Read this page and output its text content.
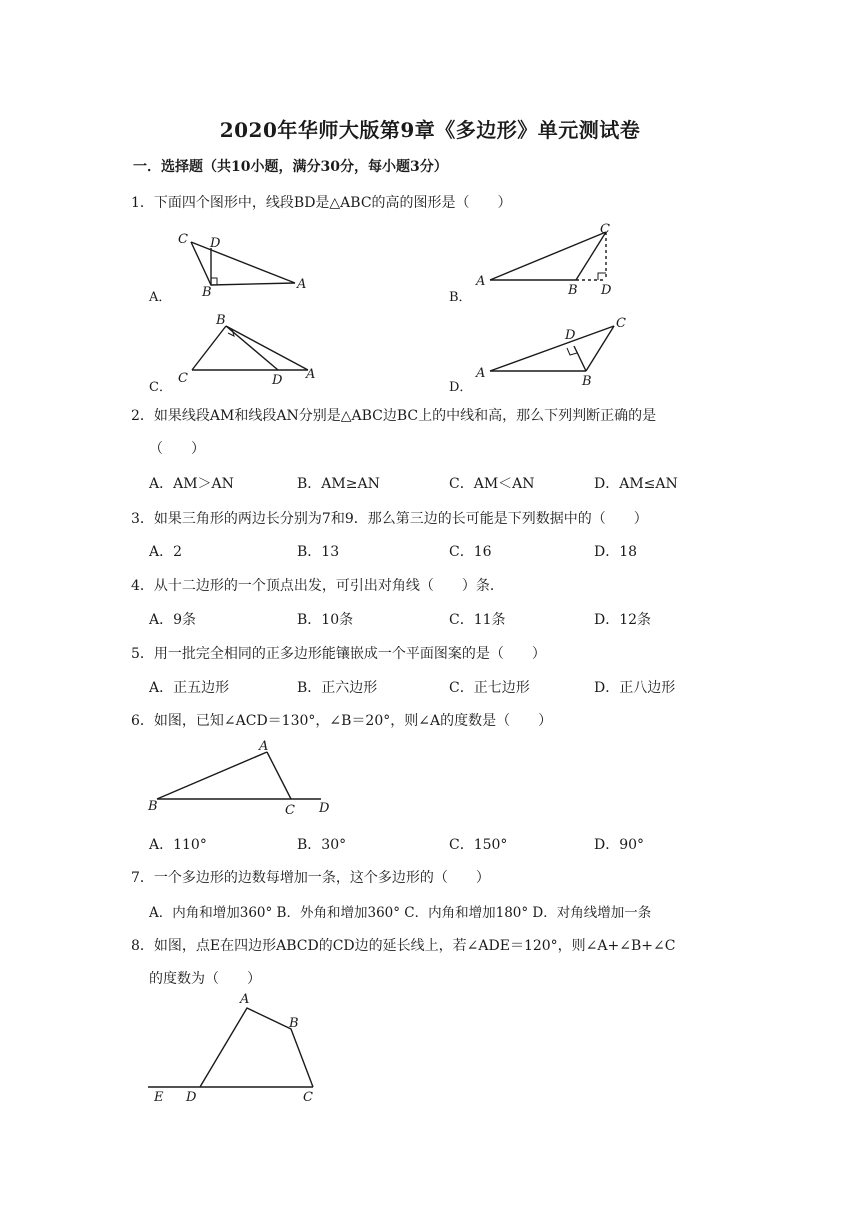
2020年华师大版第9章《多边形》单元测试卷
一．选择题（共10小题，满分30分，每小题3分）
1．下面四个图形中，线段BD是△ABC的高的图形是（　　）
A．	B．
C．	D．
C D
B
A
C
A
B D
B
C	D A
D
C
A
B
2．如果线段AM和线段AN分别是△ABC边BC上的中线和高，那么下列判断正确的是
（　　）
A．AM＞AN	B．AM≥AN	C．AM＜AN	D．AM≤AN
3．如果三角形的两边长分别为7和9．那么第三边的长可能是下列数据中的（　　）
A．2	B．13	C．16	D．18
4．从十二边形的一个顶点出发，可引出对角线（　　）条．
A．9条	B．10条	C．11条	D．12条
5．用一批完全相同的正多边形能镶嵌成一个平面图案的是（　　）
A．正五边形	B．正六边形	C．正七边形	D．正八边形
6．如图，已知∠ACD＝130°，∠B＝20°，则∠A的度数是（　　）
A
B	C D
A．110°	B．30°	C．150°	D．90°
7．一个多边形的边数每增加一条，这个多边形的（　　）
A．内角和增加360° B．外角和增加360° C．内角和增加180° D．对角线增加一条
8．如图，点E在四边形ABCD的CD边的延长线上，若∠ADE＝120°，则∠A+∠B+∠C
的度数为（　　）
A
B
E D	C
